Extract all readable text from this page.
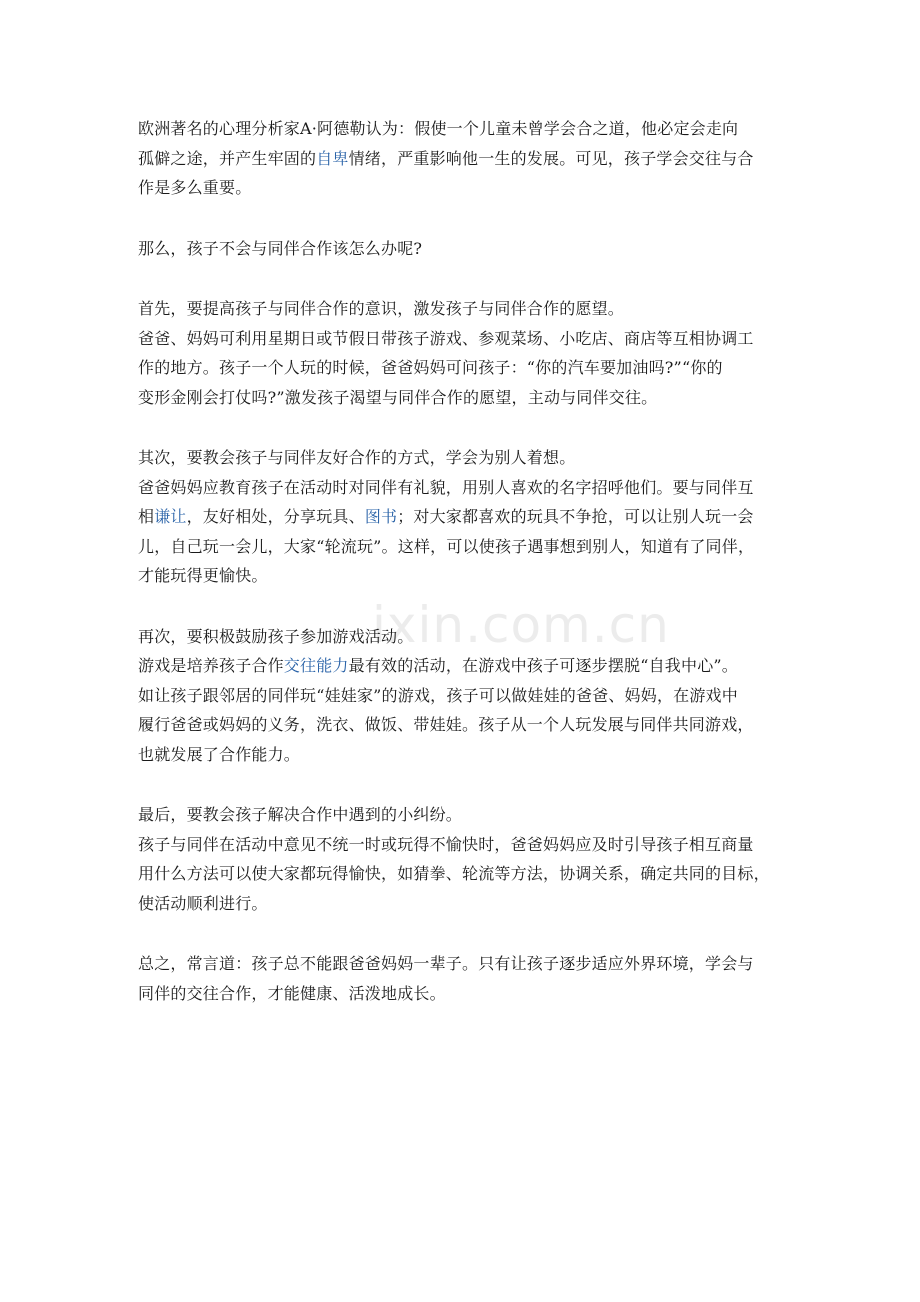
ixin.com.cn
欧洲著名的心理分析家A·阿德勒认为：假使一个儿童未曾学会合之道，他必定会走向
孤僻之途，并产生牢固的自卑情绪，严重影响他一生的发展。可见，孩子学会交往与合
作是多么重要。
那么，孩子不会与同伴合作该怎么办呢?
首先，要提高孩子与同伴合作的意识，激发孩子与同伴合作的愿望。
爸爸、妈妈可利用星期日或节假日带孩子游戏、参观菜场、小吃店、商店等互相协调工
作的地方。孩子一个人玩的时候，爸爸妈妈可问孩子：“你的汽车要加油吗?”“你的
变形金刚会打仗吗?”激发孩子渴望与同伴合作的愿望，主动与同伴交往。
其次，要教会孩子与同伴友好合作的方式，学会为别人着想。
爸爸妈妈应教育孩子在活动时对同伴有礼貌，用别人喜欢的名字招呼他们。要与同伴互
相谦让，友好相处，分享玩具、图书；对大家都喜欢的玩具不争抢，可以让别人玩一会
儿，自己玩一会儿，大家“轮流玩”。这样，可以使孩子遇事想到别人，知道有了同伴，
才能玩得更愉快。
再次，要积极鼓励孩子参加游戏活动。
游戏是培养孩子合作交往能力最有效的活动，在游戏中孩子可逐步摆脱“自我中心”。
如让孩子跟邻居的同伴玩“娃娃家”的游戏，孩子可以做娃娃的爸爸、妈妈，在游戏中
履行爸爸或妈妈的义务，洗衣、做饭、带娃娃。孩子从一个人玩发展与同伴共同游戏，
也就发展了合作能力。
最后，要教会孩子解决合作中遇到的小纠纷。
孩子与同伴在活动中意见不统一时或玩得不愉快时，爸爸妈妈应及时引导孩子相互商量
用什么方法可以使大家都玩得愉快，如猜拳、轮流等方法，协调关系，确定共同的目标，
使活动顺利进行。
总之，常言道：孩子总不能跟爸爸妈妈一辈子。只有让孩子逐步适应外界环境，学会与
同伴的交往合作，才能健康、活泼地成长。
